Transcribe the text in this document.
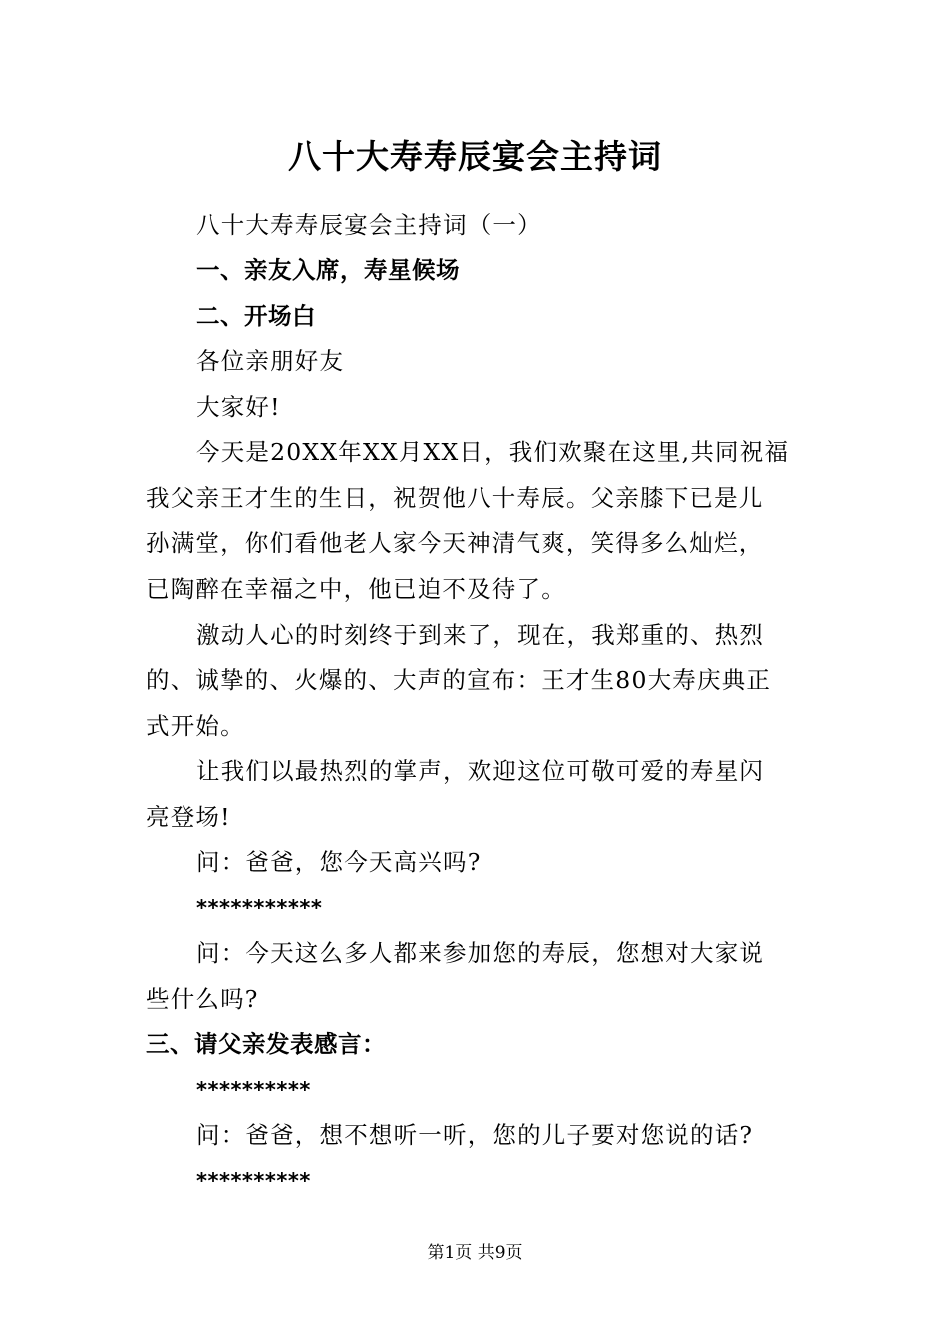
八十大寿寿辰宴会主持词
八十大寿寿辰宴会主持词（一）
一、亲友入席，寿星候场
二、开场白
各位亲朋好友
大家好!
今天是20XX年XX月XX日，我们欢聚在这里,共同祝福
我父亲王才生的生日，祝贺他八十寿辰。父亲膝下已是儿
孙满堂，你们看他老人家今天神清气爽，笑得多么灿烂，
已陶醉在幸福之中，他已迫不及待了。
激动人心的时刻终于到来了，现在，我郑重的、热烈
的、诚挚的、火爆的、大声的宣布：王才生80大寿庆典正
式开始。
让我们以最热烈的掌声，欢迎这位可敬可爱的寿星闪
亮登场!
问：爸爸，您今天高兴吗?
***********
问：今天这么多人都来参加您的寿辰，您想对大家说
些什么吗?
三、请父亲发表感言：
**********
问：爸爸，想不想听一听，您的儿子要对您说的话?
**********
第1页 共9页
